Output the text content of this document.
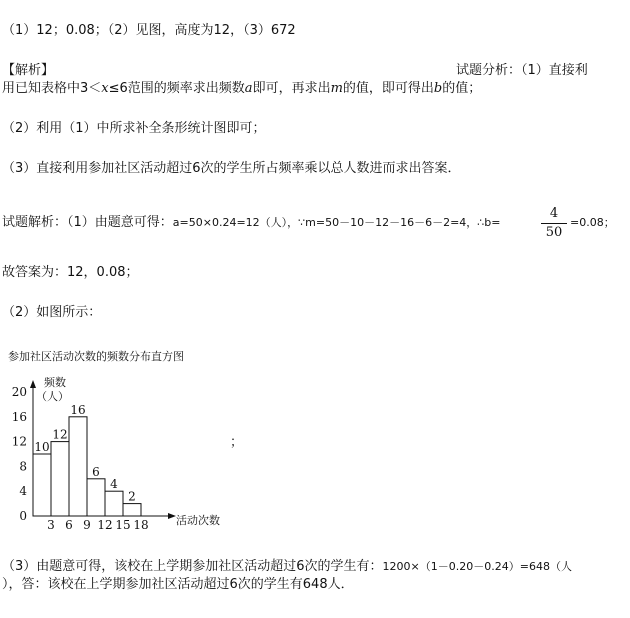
（1）12；0.08；（2）见图，高度为12，（3）672
【解析】	试题分析：（1）直接利
用已知表格中3＜x≤6范围的频率求出频数a即可，再求出m的值，即可得出b的值；
（2）利用（1）中所求补全条形统计图即可；
（3）直接利用参加社区活动超过6次的学生所占频率乘以总人数进而求出答案．
试题解析：（1）由题意可得：a=50×0.24=12（人），∵m=50－10－12－16－6－2=4，∴b=
4
50
=0.08；
故答案为：12，0.08；
（2）如图所示：
参加社区活动次数的频数分布直方图
频数
（人）
活动次数
0
4
8
12
16
20
3 6 9 12 15 18
10
12
16
6
4
2
；
（3）由题意可得，该校在上学期参加社区活动超过6次的学生有：1200×（1－0.20－0.24）=648（人
），答：该校在上学期参加社区活动超过6次的学生有648人．
